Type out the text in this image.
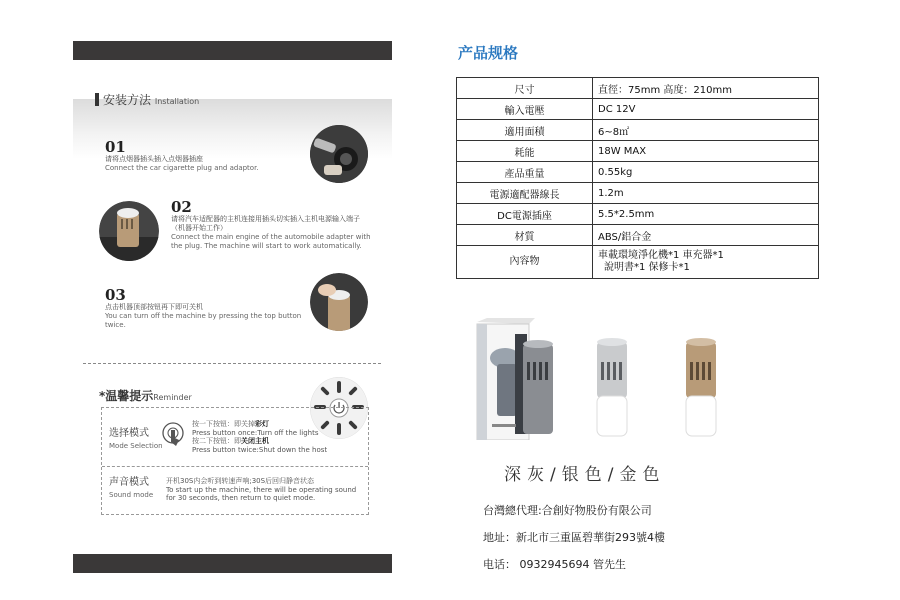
安装方法 Installation
01
请将点烟器插头插入点烟器插座
Connect the car cigarette plug and adaptor.
02
请将汽车适配器的主机连接用插头切实插入主机电源输入端子（机器开始工作）
Connect the main engine of the automobile adapter with the plug. The machine will start to work automatically.
03
点击机器顶部按钮再下即可关机
You can turn off the machine by pressing the top button twice.
*温馨提示Reminder
选择模式
Mode Selection
按一下按钮：即关掉彩灯
Press button once:Turn off the lights
按二下按钮：即关闭主机
Press button twice:Shut down the host
声音模式
Sound mode
开机30S内会听到转速声响;30S后回归静音状态
To start up the machine, there will be operating sound for 30 seconds, then return to quiet mode.
产品规格
尺寸	直徑：75mm 高度：210mm
輸入電壓	DC 12V
適用面積	6~8㎡
耗能	18W MAX
產品重量	0.55kg
電源適配器線長	1.2m
DC電源插座	5.5*2.5mm
材質	ABS/鋁合金
內容物	車載環境淨化機*1 車充器*1
說明書*1 保修卡*1
深灰/银色/金色
台灣總代理:合創好物股份有限公司
地址：新北市三重區碧華街293號4樓
电话： 0932945694 管先生
